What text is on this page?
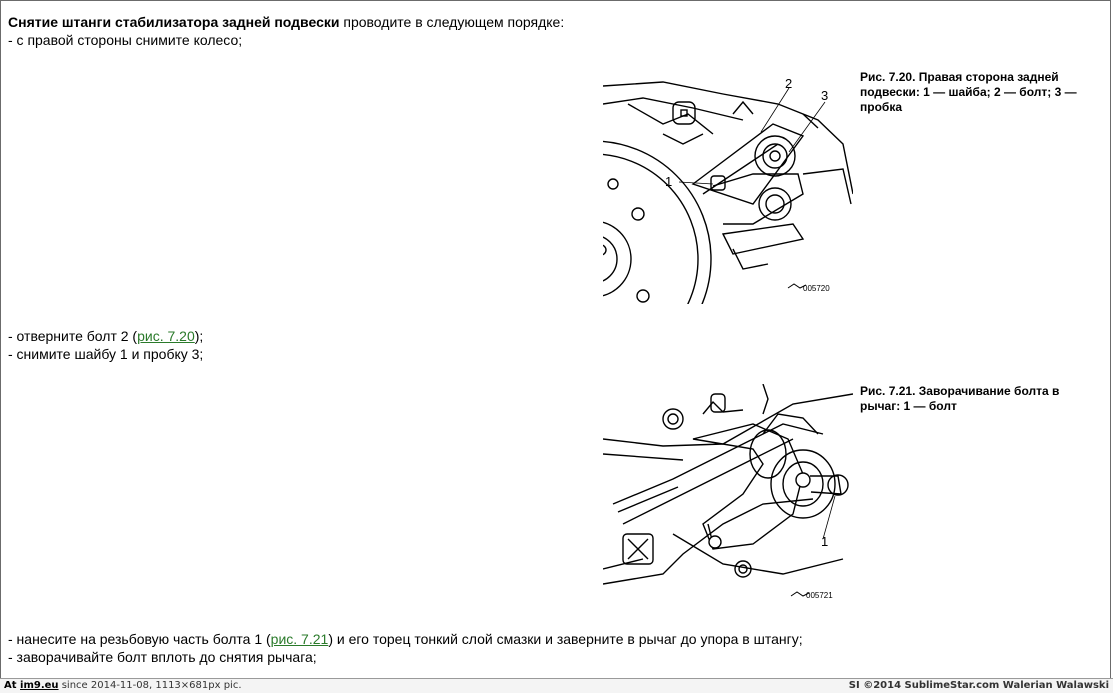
Снятие штанги стабилизатора задней подвески проводите в следующем порядке:
- с правой стороны снимите колесо;
1
2
3
005720
Рис. 7.20. Правая сторона задней подвески: 1 — шайба; 2 — болт; 3 — пробка
- отверните болт 2 (рис. 7.20);
- снимите шайбу 1 и пробку 3;
1
005721
Рис. 7.21. Заворачивание болта в рычаг: 1 — болт
- нанесите на резьбовую часть болта 1 (рис. 7.21) и его торец тонкий слой смазки и заверните в рычаг до упора в штангу;
- заворачивайте болт вплоть до снятия рычага;
At im9.eu since 2014-11-08, 1113×681px pic.	SI ©2014 SublimeStar.com Walerian Walawski
